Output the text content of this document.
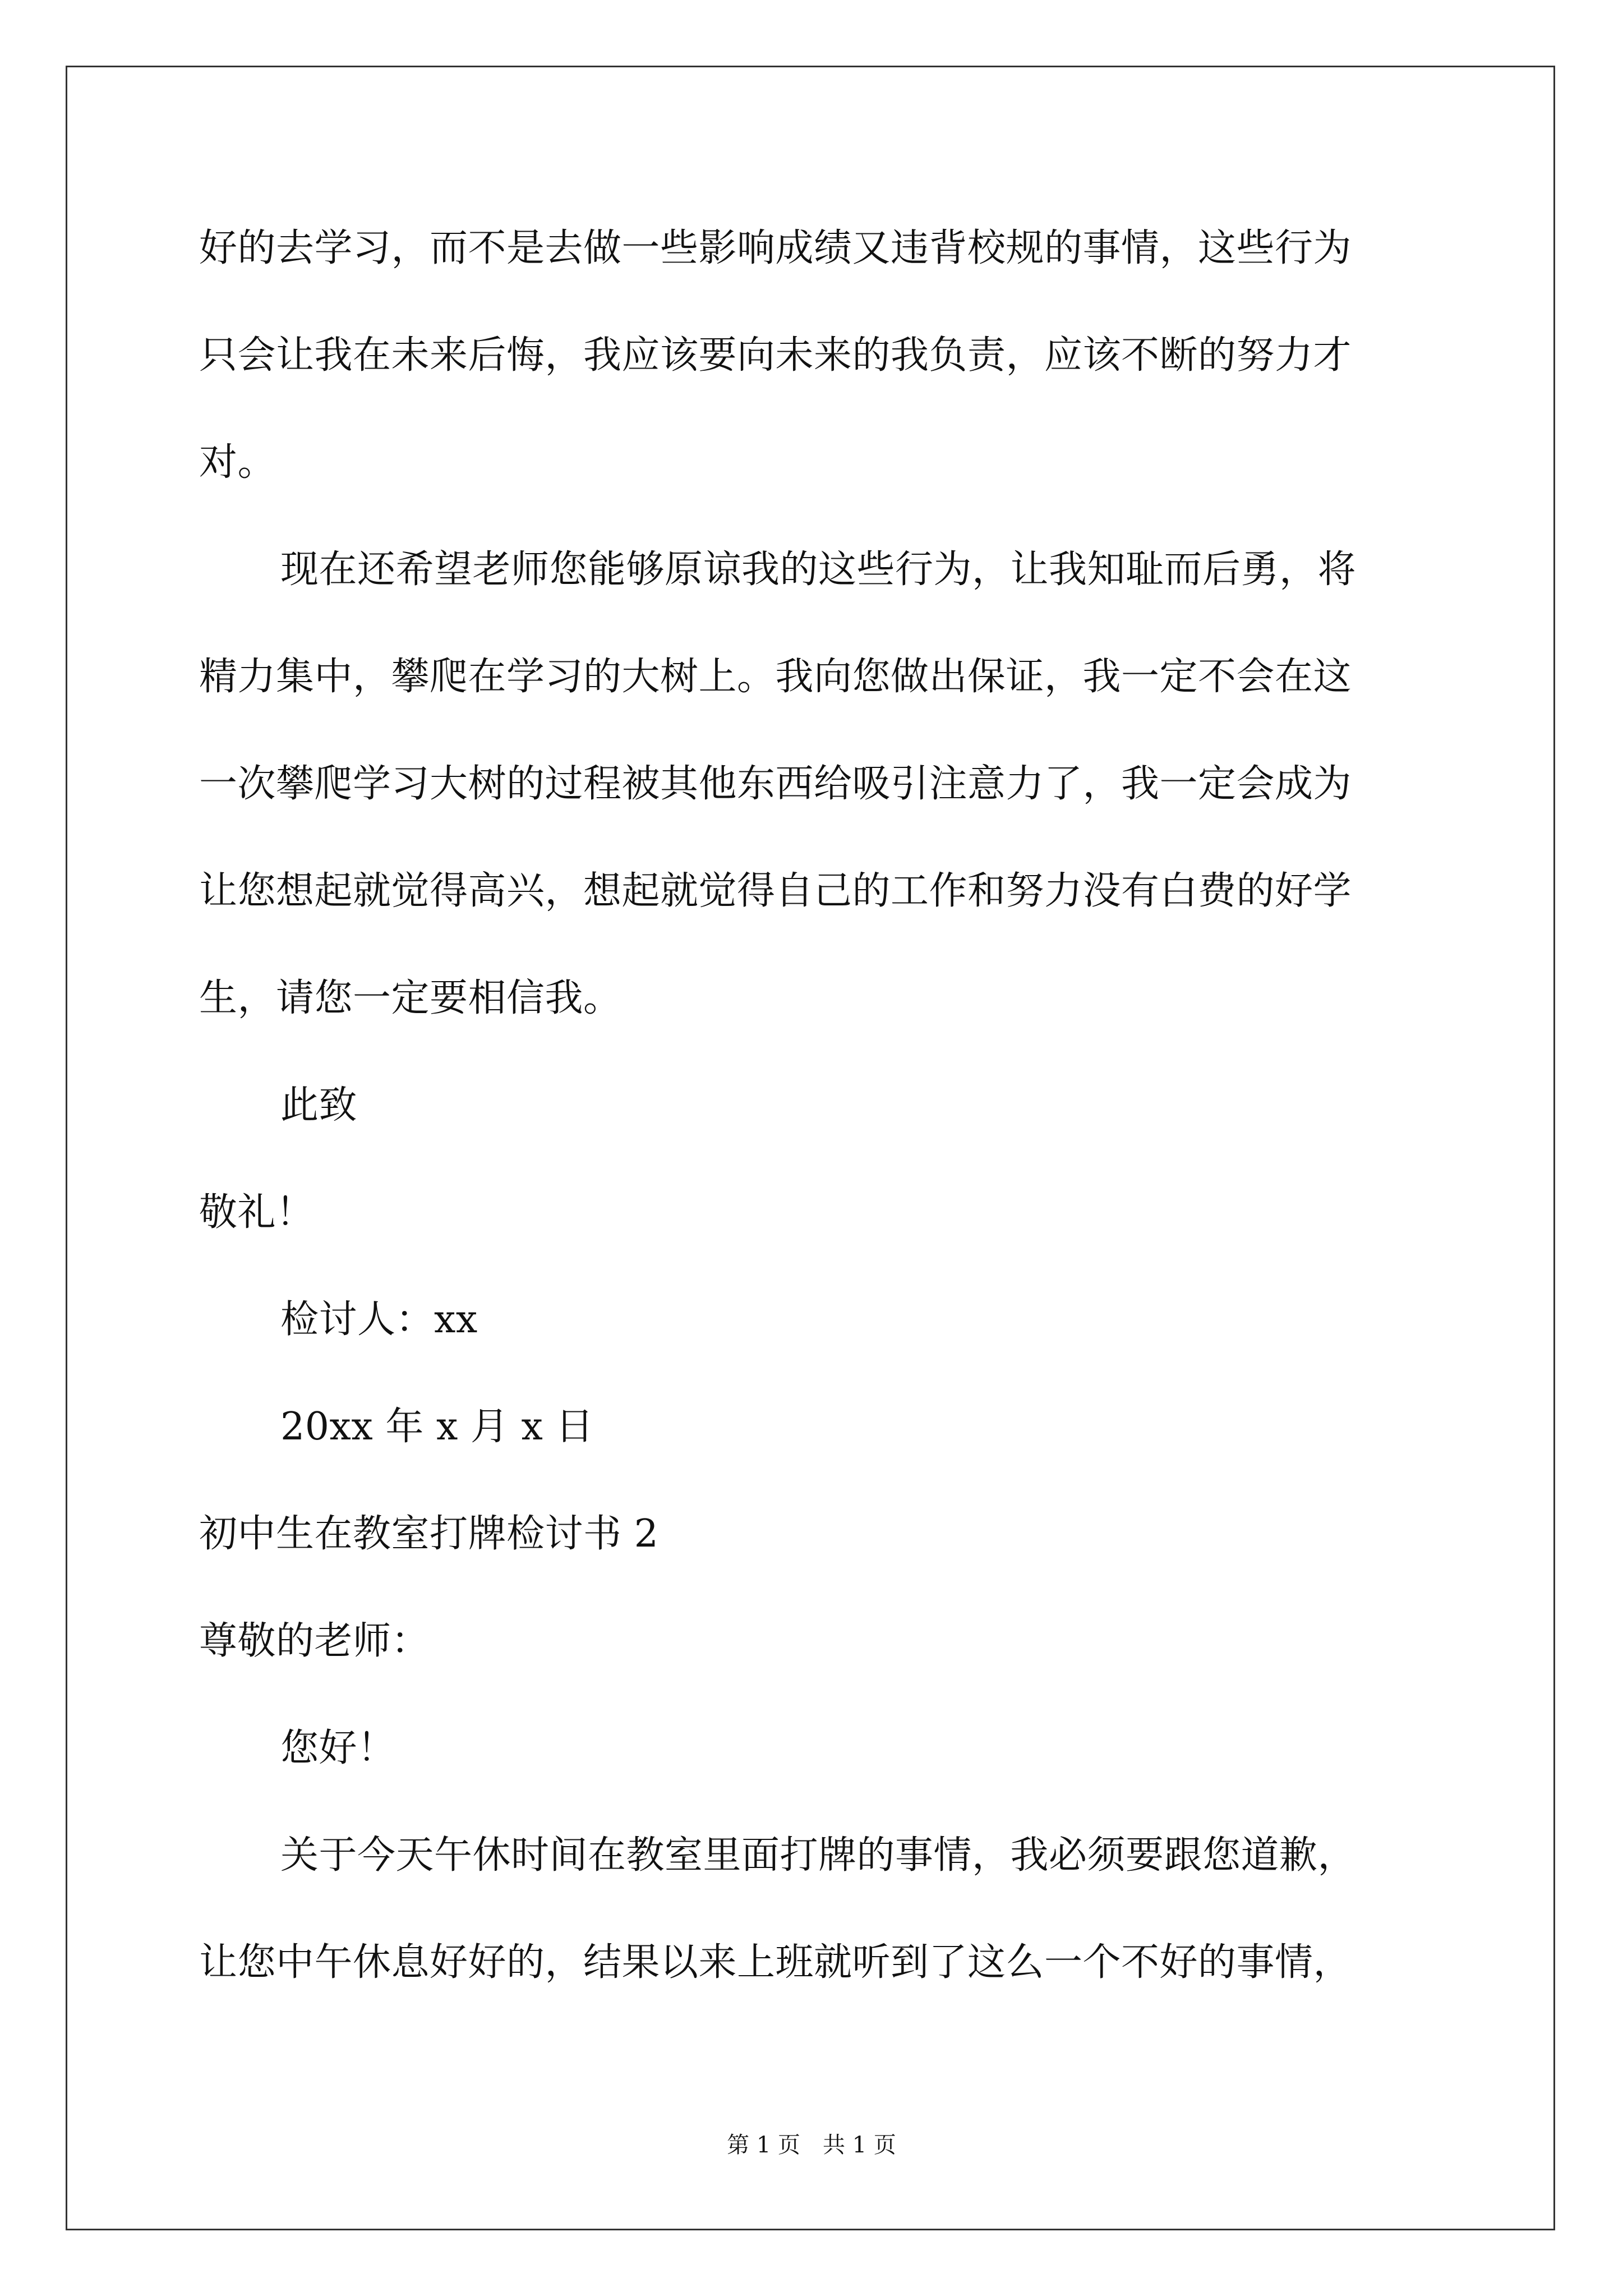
好的去学习，而不是去做一些影响成绩又违背校规的事情，这些行为
只会让我在未来后悔，我应该要向未来的我负责，应该不断的努力才
对。
现在还希望老师您能够原谅我的这些行为，让我知耻而后勇，将
精力集中，攀爬在学习的大树上。我向您做出保证，我一定不会在这
一次攀爬学习大树的过程被其他东西给吸引注意力了，我一定会成为
让您想起就觉得高兴，想起就觉得自己的工作和努力没有白费的好学
生，请您一定要相信我。
此致
敬礼！
检讨人：xx
20xx 年 x 月 x 日
初中生在教室打牌检讨书 2
尊敬的老师：
您好！
关于今天午休时间在教室里面打牌的事情，我必须要跟您道歉，
让您中午休息好好的，结果以来上班就听到了这么一个不好的事情，
第 1 页　共 1 页
